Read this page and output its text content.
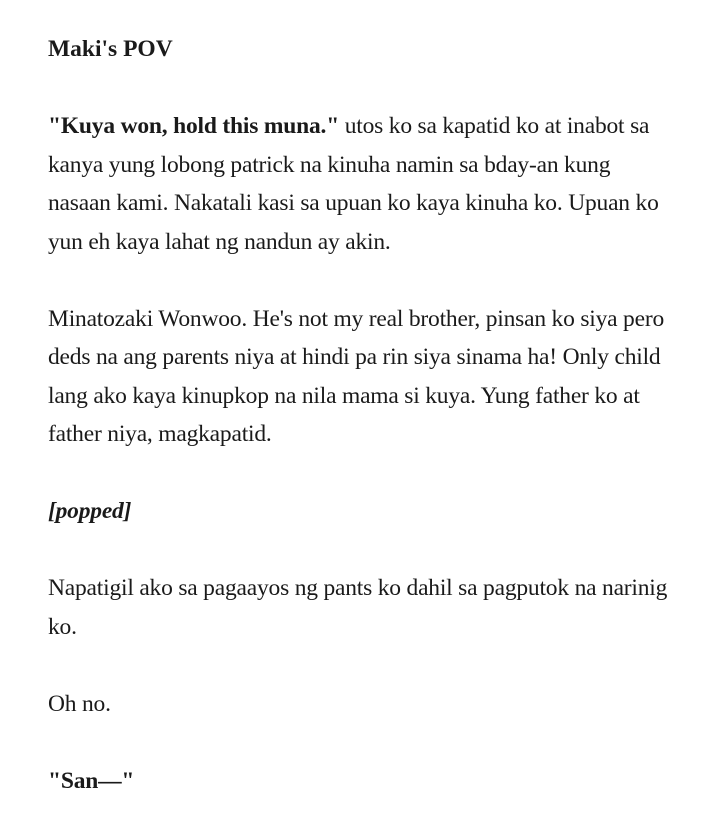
Maki's POV

"Kuya won, hold this muna." utos ko sa kapatid ko at inabot sa kanya yung lobong patrick na kinuha namin sa bday-an kung nasaan kami. Nakatali kasi sa upuan ko kaya kinuha ko. Upuan ko yun eh kaya lahat ng nandun ay akin.

Minatozaki Wonwoo. He's not my real brother, pinsan ko siya pero deds na ang parents niya at hindi pa rin siya sinama ha! Only child lang ako kaya kinupkop na nila mama si kuya. Yung father ko at father niya, magkapatid.

[popped]

Napatigil ako sa pagaayos ng pants ko dahil sa pagputok na narinig ko.

Oh no.

"San—"
